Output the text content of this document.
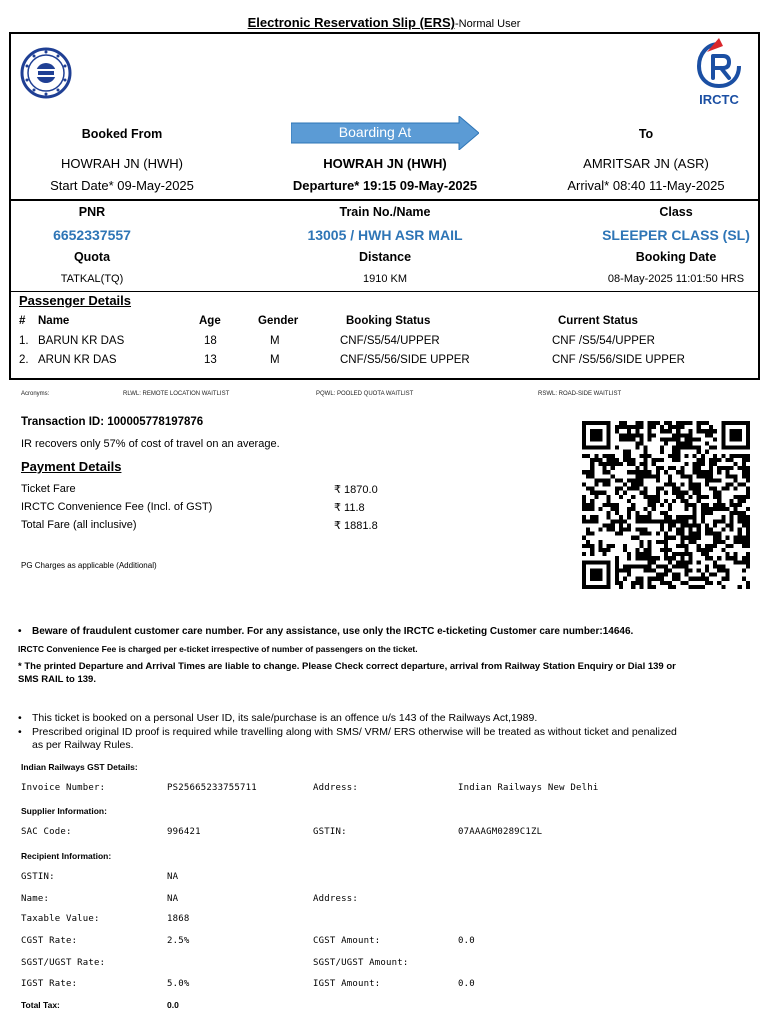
Electronic Reservation Slip (ERS)-Normal User
IRCTC
Booked From	Boarding At	To
HOWRAH JN (HWH)	HOWRAH JN (HWH)	AMRITSAR JN (ASR)
Start Date* 09-May-2025	Departure* 19:15 09-May-2025	Arrival* 08:40 11-May-2025
PNR	Train No./Name	Class
6652337557	13005 / HWH ASR MAIL	SLEEPER CLASS (SL)
Quota	Distance	Booking Date
TATKAL(TQ)	1910 KM	08-May-2025 11:01:50 HRS
Passenger Details
# Name	Age	Gender	Booking Status	Current Status
1. BARUN KR DAS	18	M	CNF/S5/54/UPPER	CNF /S5/54/UPPER
2. ARUN KR DAS	13	M	CNF/S5/56/SIDE UPPER	CNF /S5/56/SIDE UPPER
Acronyms:	RLWL: REMOTE LOCATION WAITLIST	PQWL: POOLED QUOTA WAITLIST	RSWL: ROAD-SIDE WAITLIST
Transaction ID: 100005778197876
IR recovers only 57% of cost of travel on an average.
Payment Details
Ticket Fare	₹ 1870.0
IRCTC Convenience Fee (Incl. of GST)	₹ 11.8
Total Fare (all inclusive)	₹ 1881.8
PG Charges as applicable (Additional)
• Beware of fraudulent customer care number. For any assistance, use only the IRCTC e-ticketing Customer care number:14646.
IRCTC Convenience Fee is charged per e-ticket irrespective of number of passengers on the ticket.
* The printed Departure and Arrival Times are liable to change. Please Check correct departure, arrival from Railway Station Enquiry or Dial 139 or
SMS RAIL to 139.
• This ticket is booked on a personal User ID, its sale/purchase is an offence u/s 143 of the Railways Act,1989.
• Prescribed original ID proof is required while travelling along with SMS/ VRM/ ERS otherwise will be treated as without ticket and penalized
as per Railway Rules.
Indian Railways GST Details:
Invoice Number:	PS25665233755711	Address:	Indian Railways New Delhi
Supplier Information:
SAC Code:	996421	GSTIN:	07AAAGM0289C1ZL
Recipient Information:
GSTIN:	NA
Name:	NA	Address:
Taxable Value:	1868
CGST Rate:	2.5%	CGST Amount:	0.0
SGST/UGST Rate:	SGST/UGST Amount:
IGST Rate:	5.0%	IGST Amount:	0.0
Total Tax:	0.0
